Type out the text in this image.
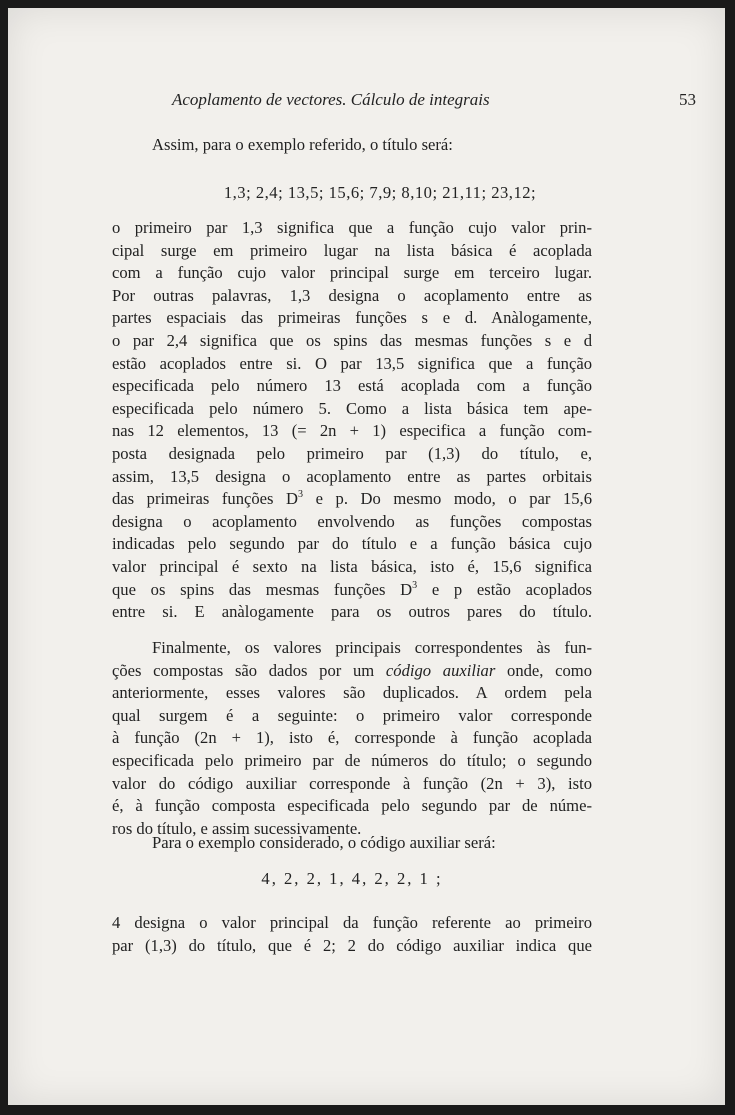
Acoplamento de vectores. Cálculo de integrais	53

Assim, para o exemplo referido, o título será:

1,3; 2,4; 13,5; 15,6; 7,9; 8,10; 21,11; 23,12;

o primeiro par 1,3 significa que a função cujo valor prin-

cipal surge em primeiro lugar na lista básica é acoplada

com a função cujo valor principal surge em terceiro lugar.

Por outras palavras, 1,3 designa o acoplamento entre as

partes espaciais das primeiras funções s e d. Anàlogamente,

o par 2,4 significa que os spins das mesmas funções s e d

estão acoplados entre si. O par 13,5 significa que a função

especificada pelo número 13 está acoplada com a função

especificada pelo número 5. Como a lista básica tem ape-

nas 12 elementos, 13 (= 2n + 1) especifica a função com-

posta designada pelo primeiro par (1,3) do título, e,

assim, 13,5 designa o acoplamento entre as partes orbitais

das primeiras funções $D^3$ e p. Do mesmo modo, o par 15,6

designa o acoplamento envolvendo as funções compostas

indicadas pelo segundo par do título e a função básica cujo

valor principal é sexto na lista básica, isto é, 15,6 significa

que os spins das mesmas funções $D^3$ e p estão acoplados

entre si. E anàlogamente para os outros pares do título.

Finalmente, os valores principais correspondentes às fun-

ções compostas são dados por um código auxiliar onde, como

anteriormente, esses valores são duplicados. A ordem pela

qual surgem é a seguinte: o primeiro valor corresponde

à função (2n + 1), isto é, corresponde à função acoplada

especificada pelo primeiro par de números do título; o segundo

valor do código auxiliar corresponde à função (2n + 3), isto

é, à função composta especificada pelo segundo par de núme-

ros do título, e assim sucessivamente.

Para o exemplo considerado, o código auxiliar será:

4, 2, 2, 1, 4, 2, 2, 1 ;

4 designa o valor principal da função referente ao primeiro

par (1,3) do título, que é 2; 2 do código auxiliar indica que
